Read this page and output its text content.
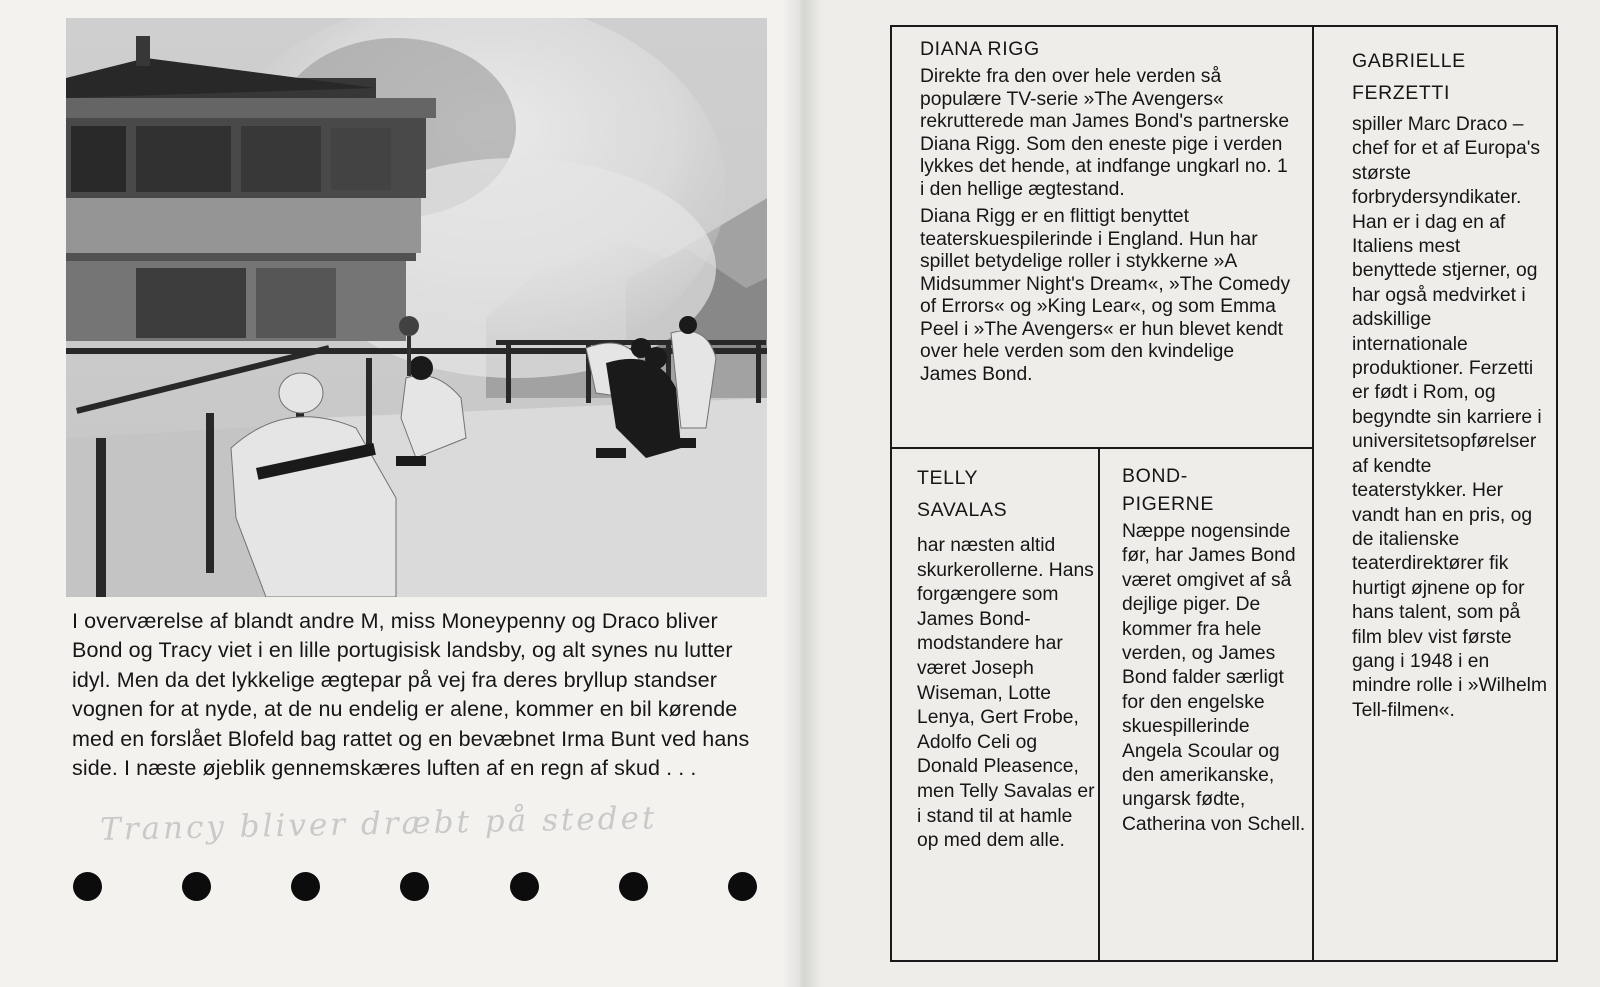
I overværelse af blandt andre M, miss Moneypenny og Draco bliver Bond og Tracy viet i en lille portugisisk landsby, og alt synes nu lutter idyl. Men da det lykkelige ægtepar på vej fra deres bryllup standser vognen for at nyde, at de nu endelig er alene, kommer en bil kørende med en forslået Blofeld bag rattet og en bevæbnet Irma Bunt ved hans side. I næste øjeblik gennemskæres luften af en regn af skud . . .

Trancy bliver dræbt på stedet
DIANA RIGG

Direkte fra den over hele verden så populære TV-serie »The Avengers« rekrutterede man James Bond's partnerske Diana Rigg. Som den eneste pige i verden lykkes det hende, at indfange ungkarl no. 1 i den hellige ægtestand.

Diana Rigg er en flittigt benyttet teaterskuespilerinde i England. Hun har spillet betydelige roller i stykkerne »A Midsummer Night's Dream«, »The Comedy of Errors« og »King Lear«, og som Emma Peel i »The Avengers« er hun blevet kendt over hele verden som den kvindelige James Bond.

GABRIELLE
FERZETTI

spiller Marc Draco – chef for et af Europa's største forbrydersyndikater. Han er i dag en af Italiens mest benyttede stjerner, og har også medvirket i adskillige internationale produktioner. Ferzetti er født i Rom, og begyndte sin karriere i universitetsopførelser af kendte teaterstykker. Her vandt han en pris, og de italienske teaterdirektører fik hurtigt øjnene op for hans talent, som på film blev vist første gang i 1948 i en mindre rolle i »Wilhelm Tell-filmen«.

TELLY
SAVALAS

har næsten altid skurkerollerne. Hans forgængere som James Bond-modstandere har været Joseph Wiseman, Lotte Lenya, Gert Frobe, Adolfo Celi og Donald Pleasence, men Telly Savalas er i stand til at hamle op med dem alle.

BOND-
PIGERNE

Næppe nogensinde før, har James Bond været omgivet af så dejlige piger. De kommer fra hele verden, og James Bond falder særligt for den engelske skuespillerinde Angela Scoular og den amerikanske, ungarsk fødte, Catherina von Schell.
